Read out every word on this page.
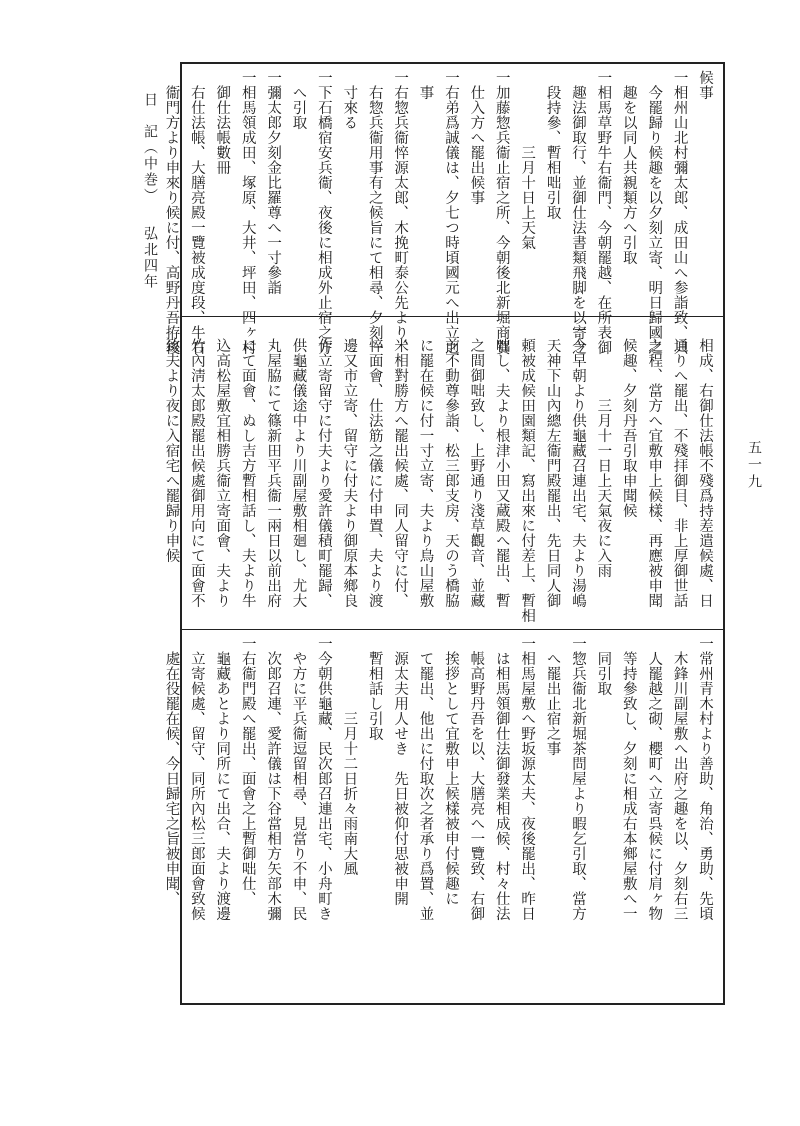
日　記（中巻）弘北四年
候事
一相州山北村彌太郎、成田山へ参詣致、只
　今罷歸り候趣を以夕刻立寄、明日歸國之
　趣を以同人共親類方へ引取
一相馬草野牛右衞門、今朝罷越、在所表御
　趣法御取行、並御仕法書類飛脚を以寄之
　段持參、暫相咄引取
　　　　　三月十日上天氣
一加藤惣兵衞止宿之所、今朝後北新堀商買
　仕入方へ罷出候事
一右弟爲誠儀は、夕七つ時頃國元へ出立之
　事
一右惣兵衞悴源太郎、木挽町泰公先より、
　右惣兵衞用事有之候旨にて相尋、夕刻一
　寸來る
一下石橋宿安兵衞、夜後に相成外止宿之方
　へ引取
一彌太郎夕刻金比羅尊へ一寸參詣
一相馬領成田、塚原、大井、坪田、四ヶ村
　御仕法帳數冊
　右仕法帳、大膳亮殿一覽被成度段、牛右
　衞門方より申來り候に付、高野丹吾拵後
　相成、右御仕法帳不殘爲持差遣候處、日
　通りへ罷出、不殘拝御目、非上厚御世話
　之程、當方へ宜敷申上候樣、再應被申聞
　候趣、夕刻丹吾引取申聞候
　　　　　三月十一日上天氣夜に入雨
一今早朝より供龜藏召連出宅、夫より湯嶋
　天神下山內總左衞門殿罷出、先日同人御
　頼被成候田園類記、寫出來に付差上、暫相
　咄し、夫より根津小田又蔵殿へ罷出、暫
　之間御咄致し、上野通り淺草觀音、並藏
　前不動尊參詣、松三郎支房、天のう橋脇
　に罷在候に付一寸立寄、夫より鳥山屋敷
　米相對勝方へ罷出候處、同人留守に付、
　悴面會、仕法筋之儀に付申置、夫より渡
　邊又市立寄、留守に付夫より御原本鄉良
　作立寄留守に付夫より愛許儀積町罷歸、
　供龜藏儀途中より川副屋敷相廻し、尤大
　丸屋脇にて篠新田平兵衞一兩日以前出府
　にて面會、ぬし吉方暫相話し、夫より牛
　込高松屋敷宜相勝兵衞立寄面會、夫より
　竹內淸太郎殿罷出候處御用向にて面會不
　致夫より夜に入宿宅へ罷歸り申候
一常州青木村より善助、角治、勇助、先頃
　木鋒川副屋敷へ出府之趣を以、夕刻右三
　人罷越之砌、櫻町へ立寄呉候に付肩ヶ物
　等持參致し、夕刻に相成右本鄉屋敷へ一
　同引取
一惣兵衞北新堀茶問屋より暇乞引取、當方
　へ罷出止宿之事
一相馬屋敷へ野坂源太夫、夜後罷出、昨日
　は相馬領御仕法御發業相成候、村々仕法
　帳高野丹吾を以、大膳亮へ一覽致、右御
　挨拶として宜敷申上候樣被申付候趣に
　て罷出、他出に付取次之者承り爲置、並
　源太夫用人せき　先日被仰付思被申開
　暫相話し引取
　　　　　三月十二日折々雨南大風
一今朝供龜藏、民次郎召連出宅、小舟町き
　や方に平兵衞逗留相尋、見當り不申、民
　次郎召連、愛許儀は下谷當相方矢部木彌
一右衞門殿へ罷出、面會之上暫御咄仕、
　龜藏あとより同所にて出合、夫より渡邊
　立寄候處、留守、同所內松三郎面會致候
　處在役罷在候、今日歸宅之旨被申聞、
五一九
